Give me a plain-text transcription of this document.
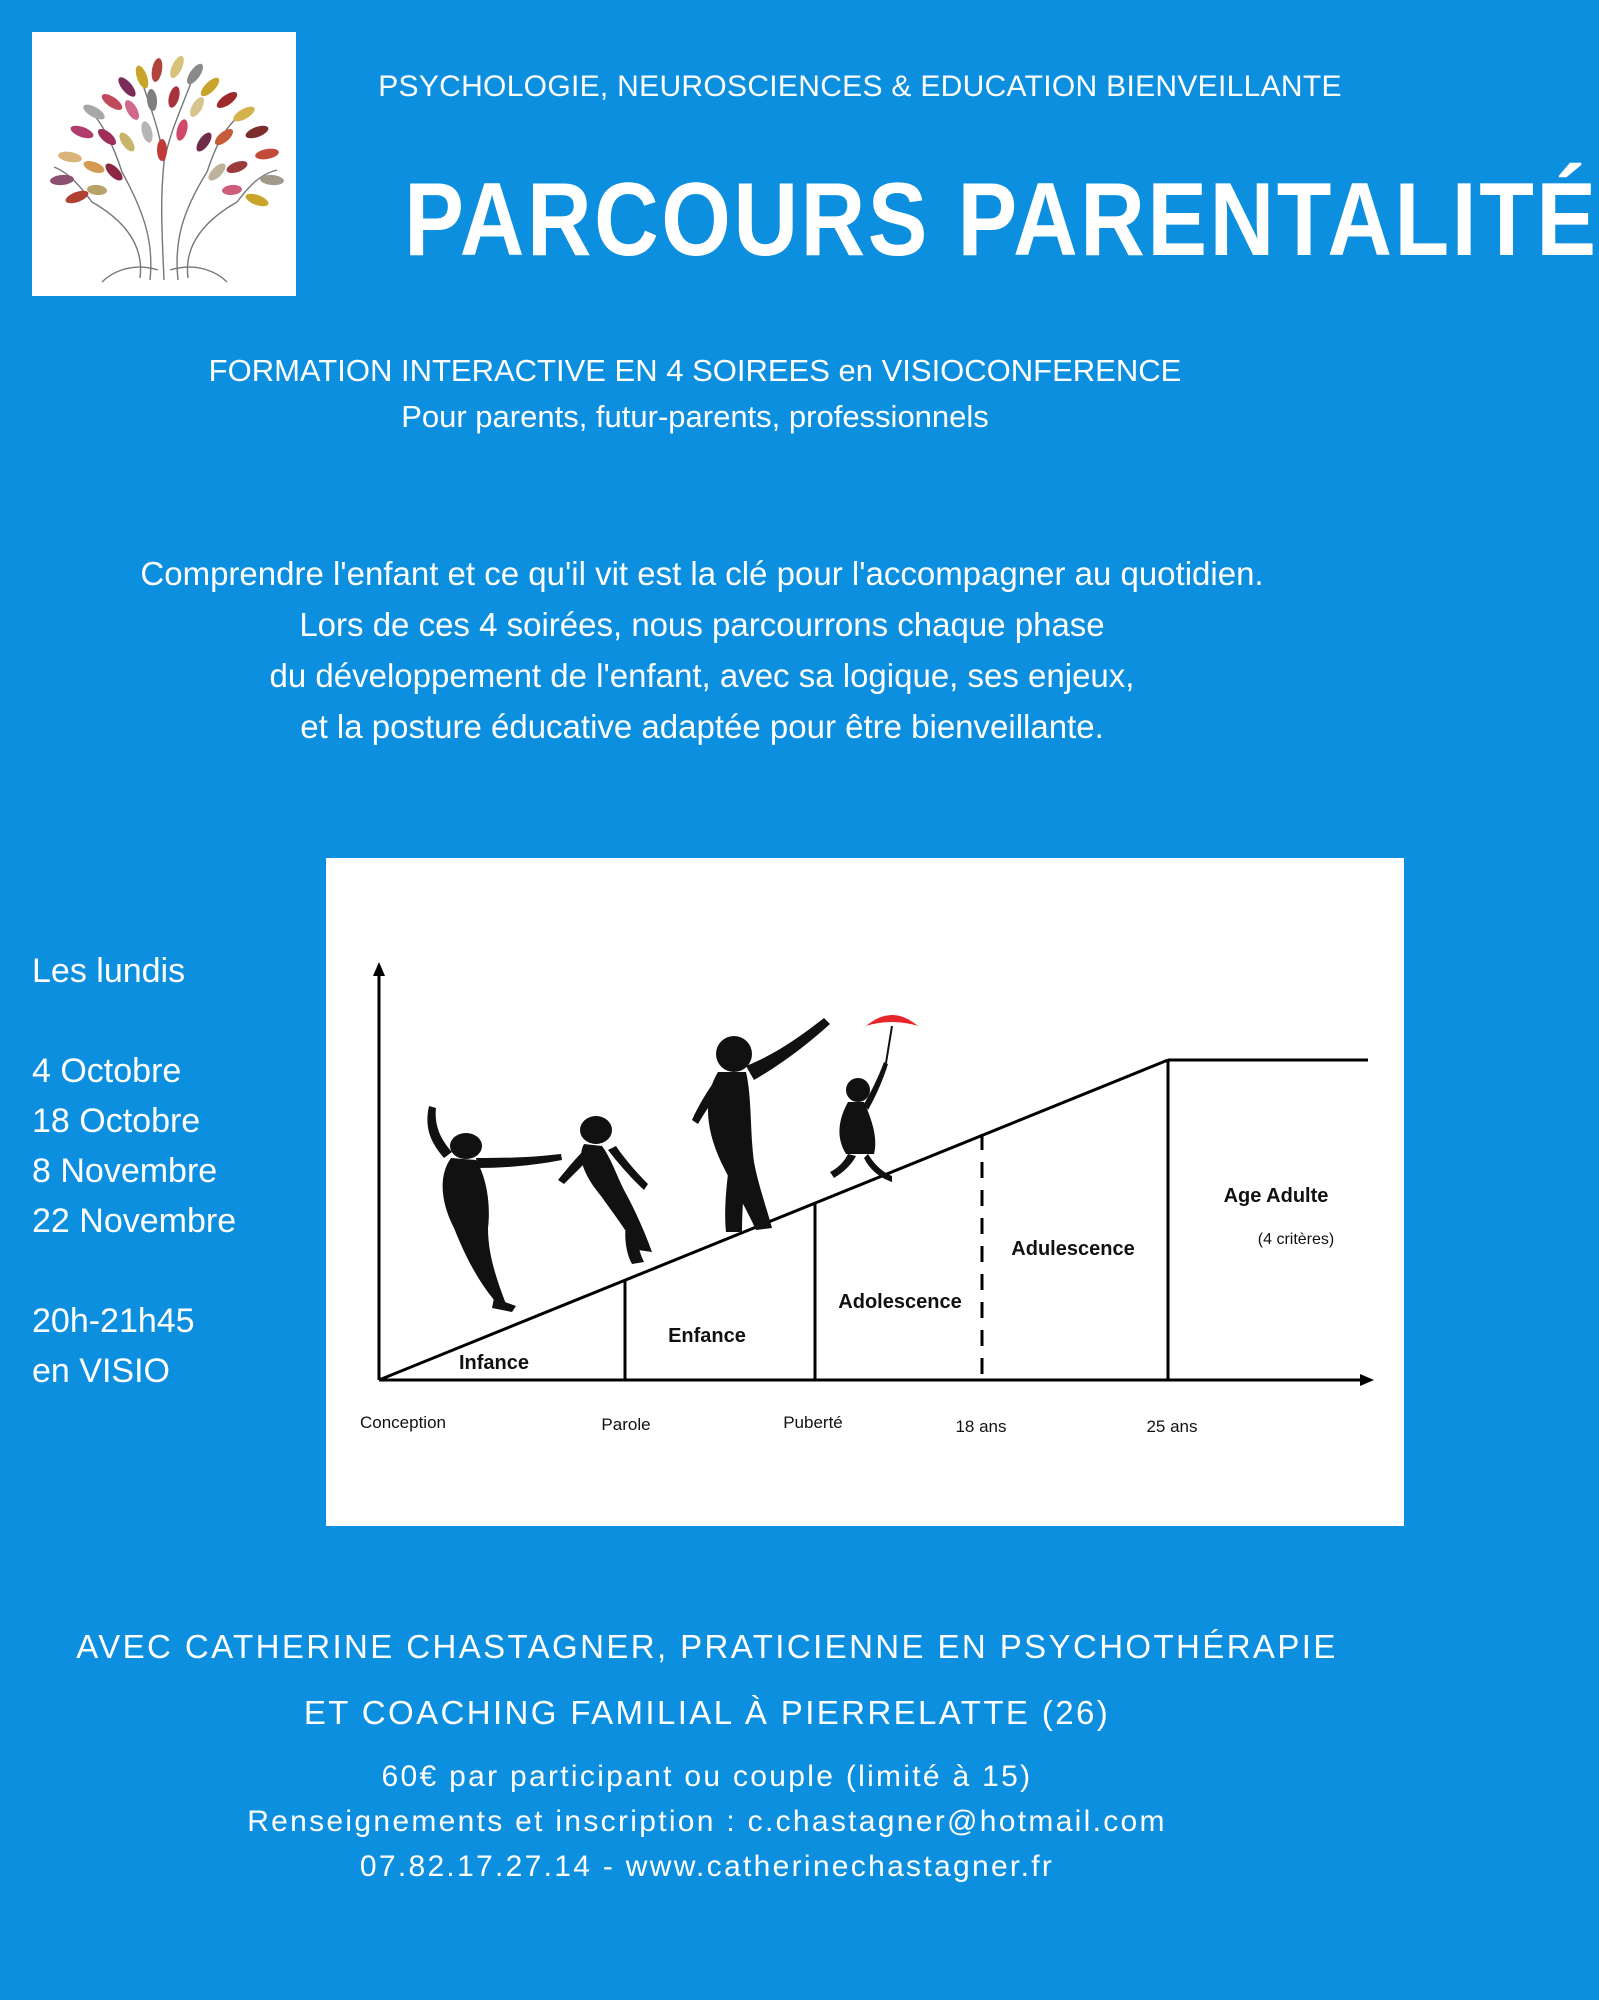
PSYCHOLOGIE, NEUROSCIENCES & EDUCATION BIENVEILLANTE
PARCOURS PARENTALITÉ
FORMATION INTERACTIVE EN 4 SOIREES en VISIOCONFERENCE
Pour parents, futur-parents, professionnels
Comprendre l'enfant et ce qu'il vit est la clé pour l'accompagner au quotidien.
Lors de ces 4 soirées, nous parcourrons chaque phase
du développement de l'enfant, avec sa logique, ses enjeux,
et la posture éducative adaptée pour être bienveillante.
Les lundis
4 Octobre
18 Octobre
8 Novembre
22 Novembre
20h-21h45
en VISIO	Infance
Enfance
Adolescence
Adulescence
Age Adulte
(4 critères)
Conception	Parole	Puberté	18 ans	25 ans
AVEC CATHERINE CHASTAGNER, PRATICIENNE EN PSYCHOTHÉRAPIE
ET COACHING FAMILIAL À PIERRELATTE (26)
60€ par participant ou couple (limité à 15)
Renseignements et inscription : c.chastagner@hotmail.com
07.82.17.27.14 - www.catherinechastagner.fr
